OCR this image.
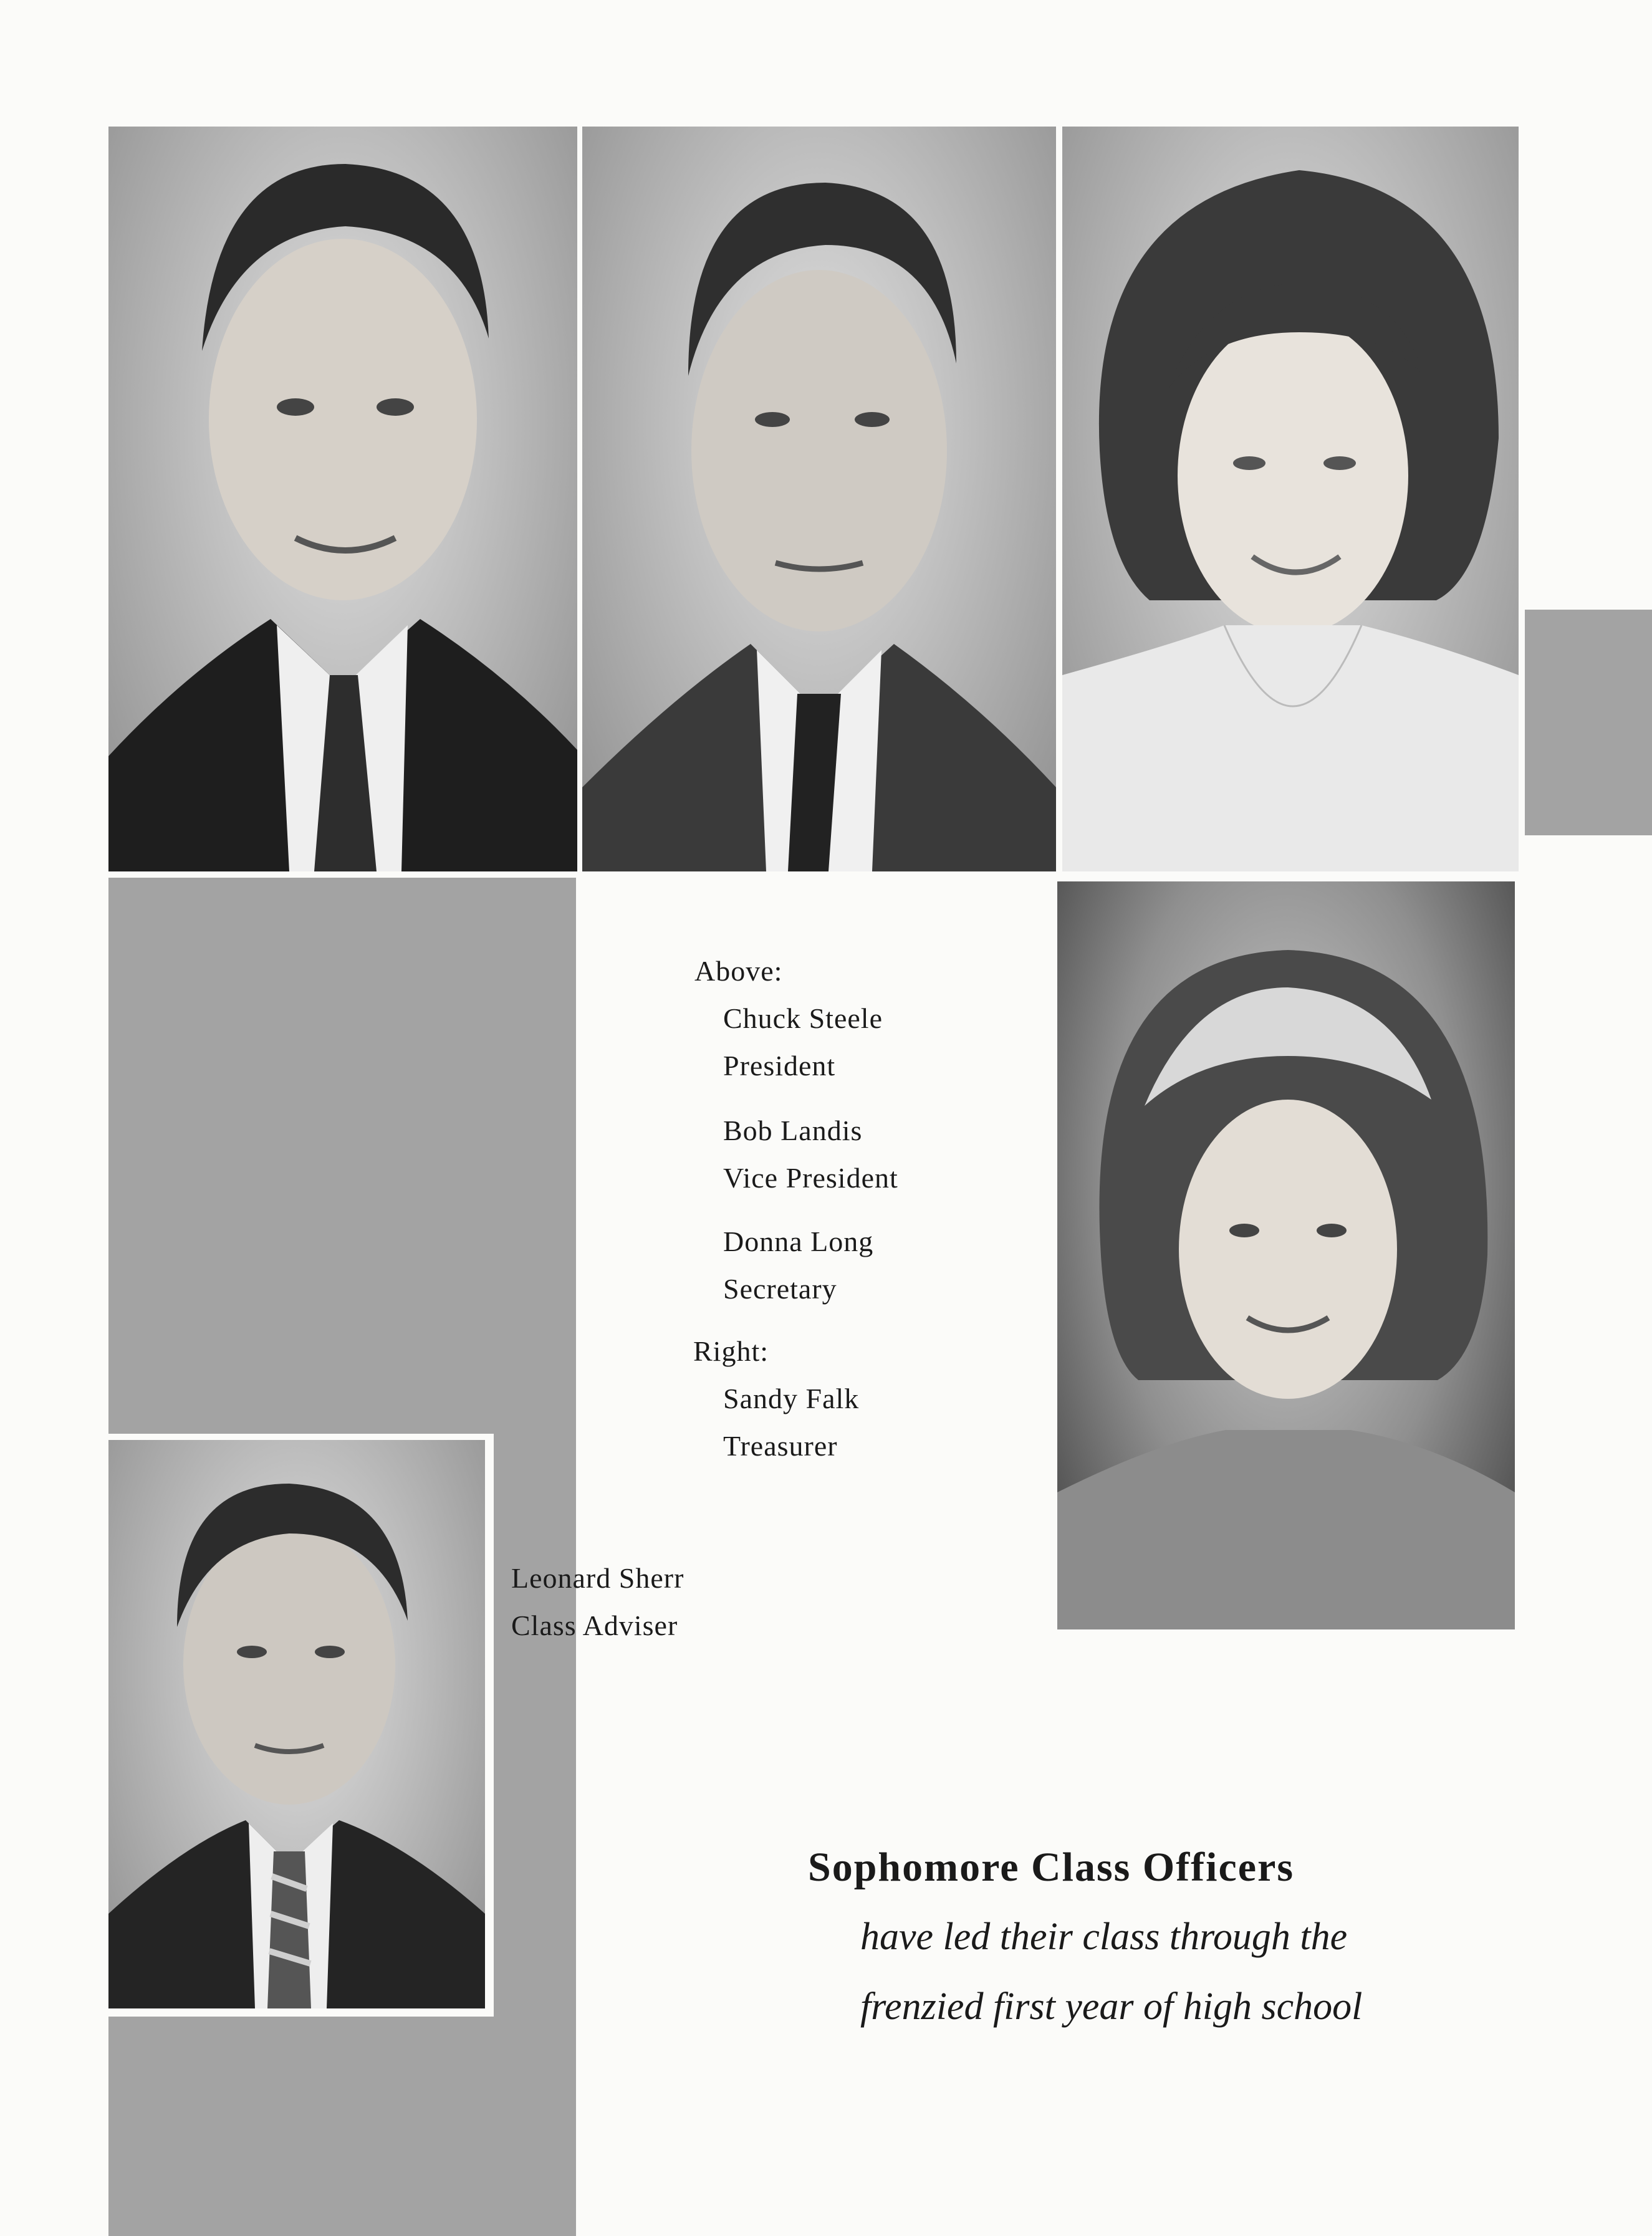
Above:
Chuck Steele
President
Bob Landis
Vice President
Donna Long
Secretary
Right:
Sandy Falk
Treasurer
Leonard Sherr
Class Adviser
Sophomore Class Officers
have led their class through the
frenzied first year of high school
